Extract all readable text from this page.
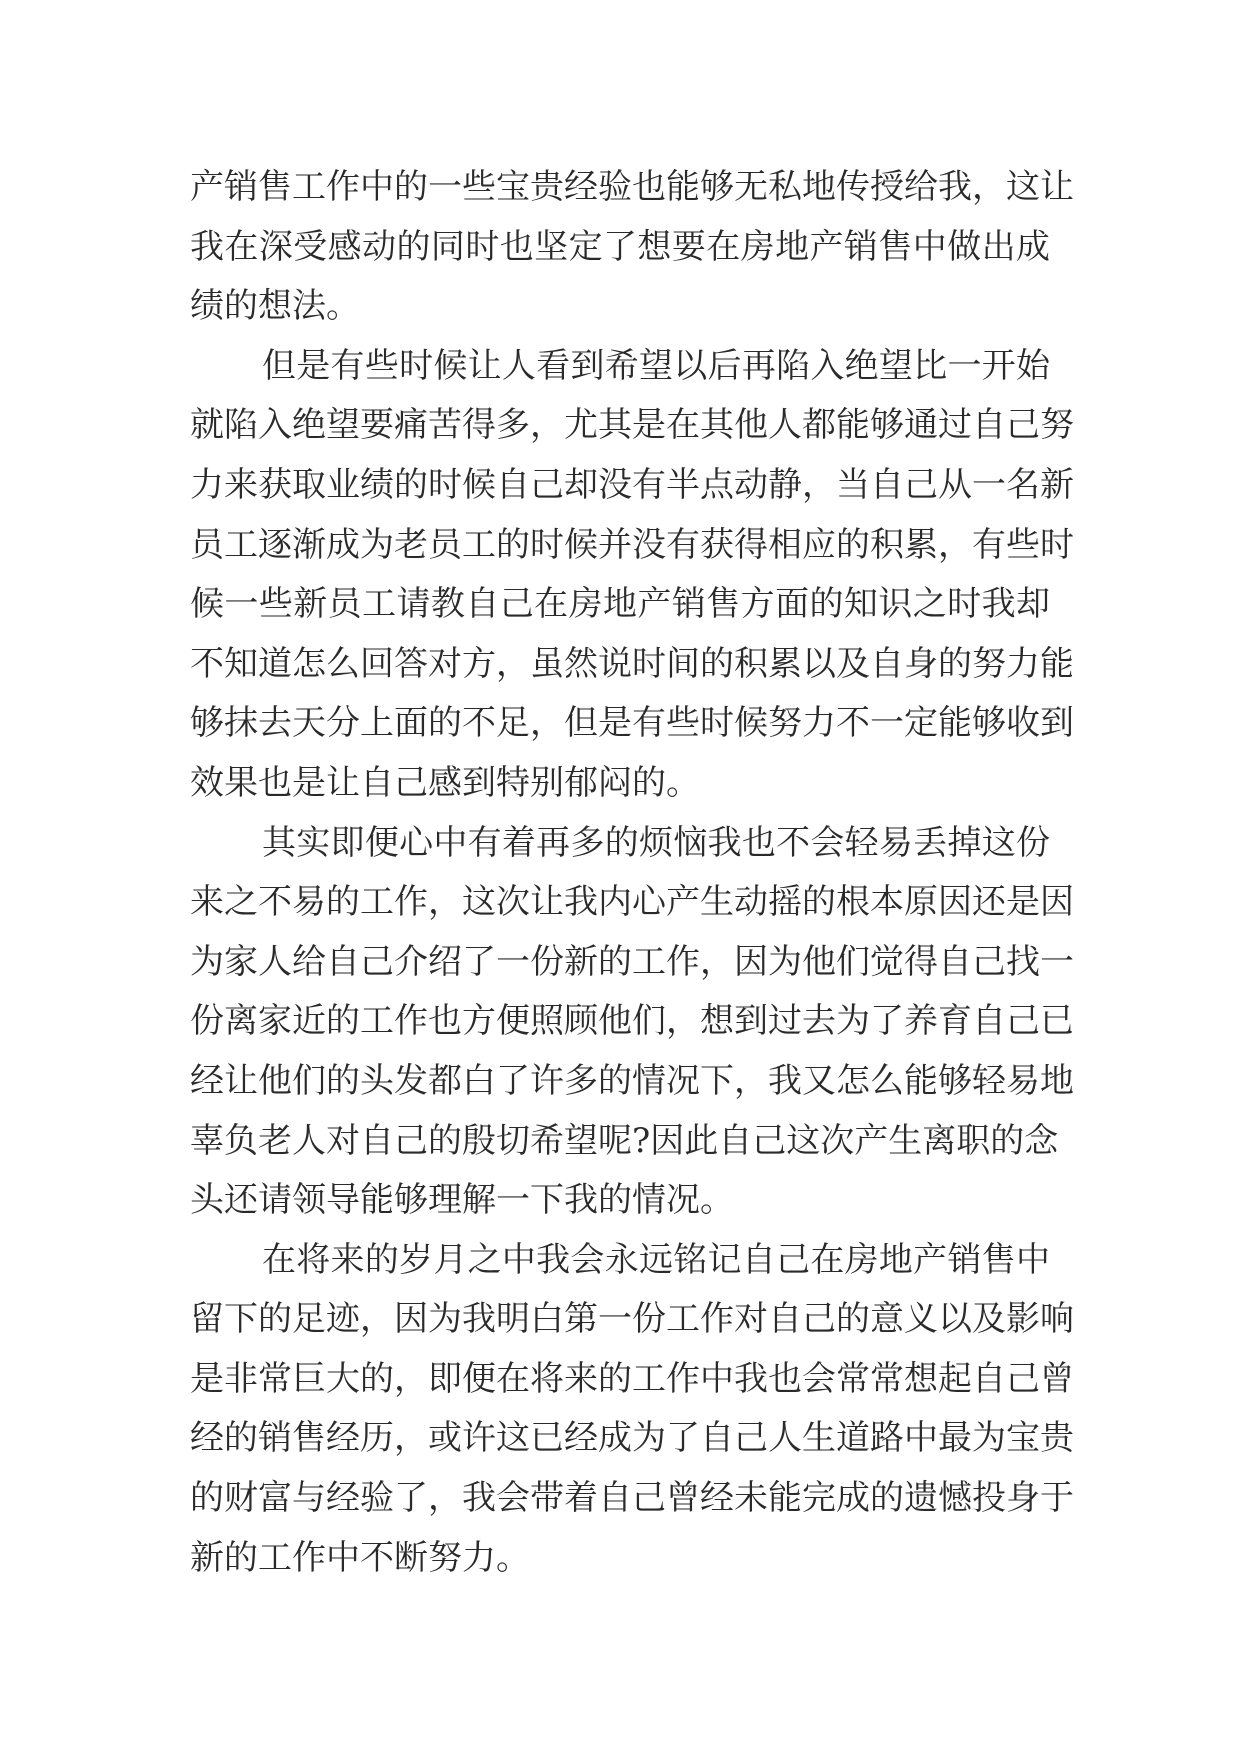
产销售工作中的一些宝贵经验也能够无私地传授给我，这让
我在深受感动的同时也坚定了想要在房地产销售中做出成
绩的想法。
但是有些时候让人看到希望以后再陷入绝望比一开始
就陷入绝望要痛苦得多，尤其是在其他人都能够通过自己努
力来获取业绩的时候自己却没有半点动静，当自己从一名新
员工逐渐成为老员工的时候并没有获得相应的积累，有些时
候一些新员工请教自己在房地产销售方面的知识之时我却
不知道怎么回答对方，虽然说时间的积累以及自身的努力能
够抹去天分上面的不足，但是有些时候努力不一定能够收到
效果也是让自己感到特别郁闷的。
其实即便心中有着再多的烦恼我也不会轻易丢掉这份
来之不易的工作，这次让我内心产生动摇的根本原因还是因
为家人给自己介绍了一份新的工作，因为他们觉得自己找一
份离家近的工作也方便照顾他们，想到过去为了养育自己已
经让他们的头发都白了许多的情况下，我又怎么能够轻易地
辜负老人对自己的殷切希望呢?因此自己这次产生离职的念
头还请领导能够理解一下我的情况。
在将来的岁月之中我会永远铭记自己在房地产销售中
留下的足迹，因为我明白第一份工作对自己的意义以及影响
是非常巨大的，即便在将来的工作中我也会常常想起自己曾
经的销售经历，或许这已经成为了自己人生道路中最为宝贵
的财富与经验了，我会带着自己曾经未能完成的遗憾投身于
新的工作中不断努力。
